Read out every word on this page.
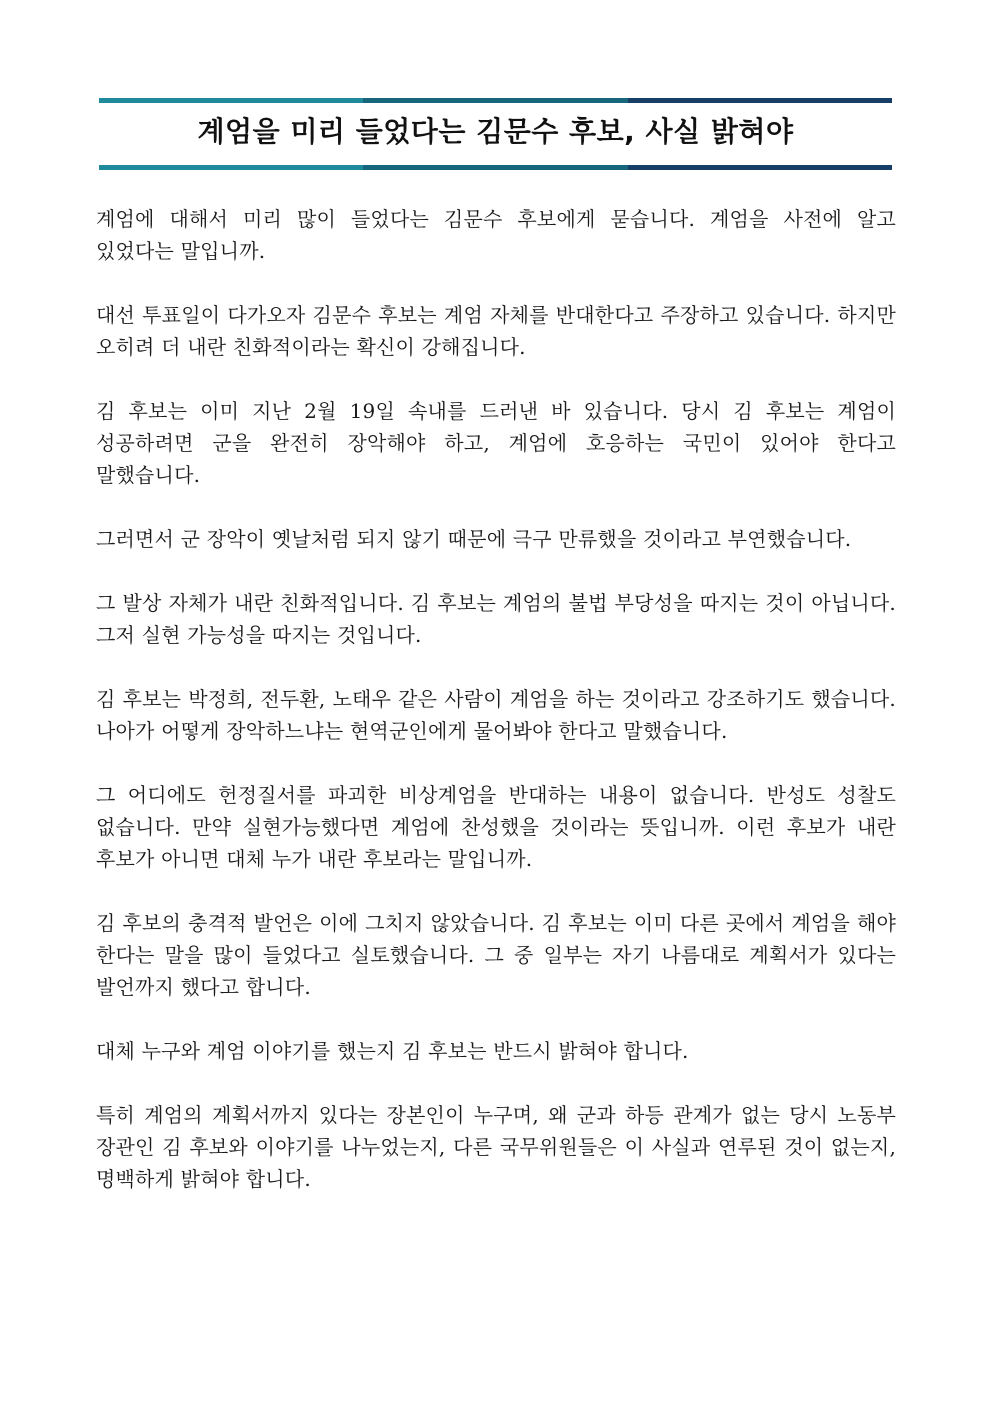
계엄을 미리 들었다는 김문수 후보, 사실 밝혀야

계엄에 대해서 미리 많이 들었다는 김문수 후보에게 묻습니다. 계엄을 사전에 알고 있었다는 말입니까.

대선 투표일이 다가오자 김문수 후보는 계엄 자체를 반대한다고 주장하고 있습니다. 하지만 오히려 더 내란 친화적이라는 확신이 강해집니다.

김 후보는 이미 지난 2월 19일 속내를 드러낸 바 있습니다. 당시 김 후보는 계엄이 성공하려면 군을 완전히 장악해야 하고, 계엄에 호응하는 국민이 있어야 한다고 말했습니다.

그러면서 군 장악이 옛날처럼 되지 않기 때문에 극구 만류했을 것이라고 부연했습니다.

그 발상 자체가 내란 친화적입니다. 김 후보는 계엄의 불법 부당성을 따지는 것이 아닙니다. 그저 실현 가능성을 따지는 것입니다.

김 후보는 박정희, 전두환, 노태우 같은 사람이 계엄을 하는 것이라고 강조하기도 했습니다. 나아가 어떻게 장악하느냐는 현역군인에게 물어봐야 한다고 말했습니다.

그 어디에도 헌정질서를 파괴한 비상계엄을 반대하는 내용이 없습니다. 반성도 성찰도 없습니다. 만약 실현가능했다면 계엄에 찬성했을 것이라는 뜻입니까. 이런 후보가 내란 후보가 아니면 대체 누가 내란 후보라는 말입니까.

김 후보의 충격적 발언은 이에 그치지 않았습니다. 김 후보는 이미 다른 곳에서 계엄을 해야 한다는 말을 많이 들었다고 실토했습니다. 그 중 일부는 자기 나름대로 계획서가 있다는 발언까지 했다고 합니다.

대체 누구와 계엄 이야기를 했는지 김 후보는 반드시 밝혀야 합니다.

특히 계엄의 계획서까지 있다는 장본인이 누구며, 왜 군과 하등 관계가 없는 당시 노동부 장관인 김 후보와 이야기를 나누었는지, 다른 국무위원들은 이 사실과 연루된 것이 없는지, 명백하게 밝혀야 합니다.
